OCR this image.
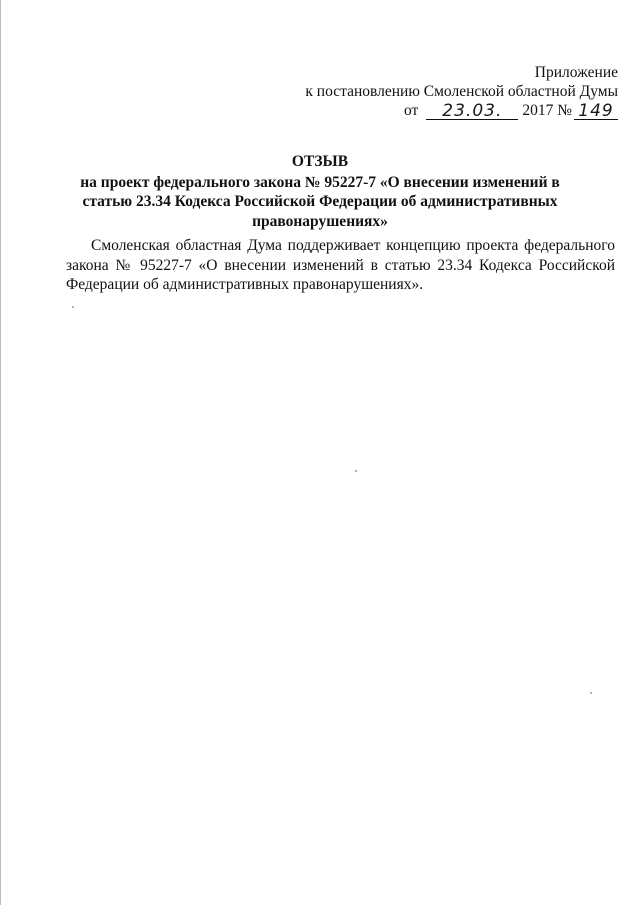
Приложение
к постановлению Смоленской областной Думы
от	23.03.	2017 № 149
ОТЗЫВ
на проект федерального закона № 95227-7 «О внесении изменений в статью 23.34 Кодекса Российской Федерации об административных правонарушениях»
Смоленская областная Дума поддерживает концепцию проекта федерального закона № 95227-7 «О внесении изменений в статью 23.34 Кодекса Российской Федерации об административных правонарушениях».
